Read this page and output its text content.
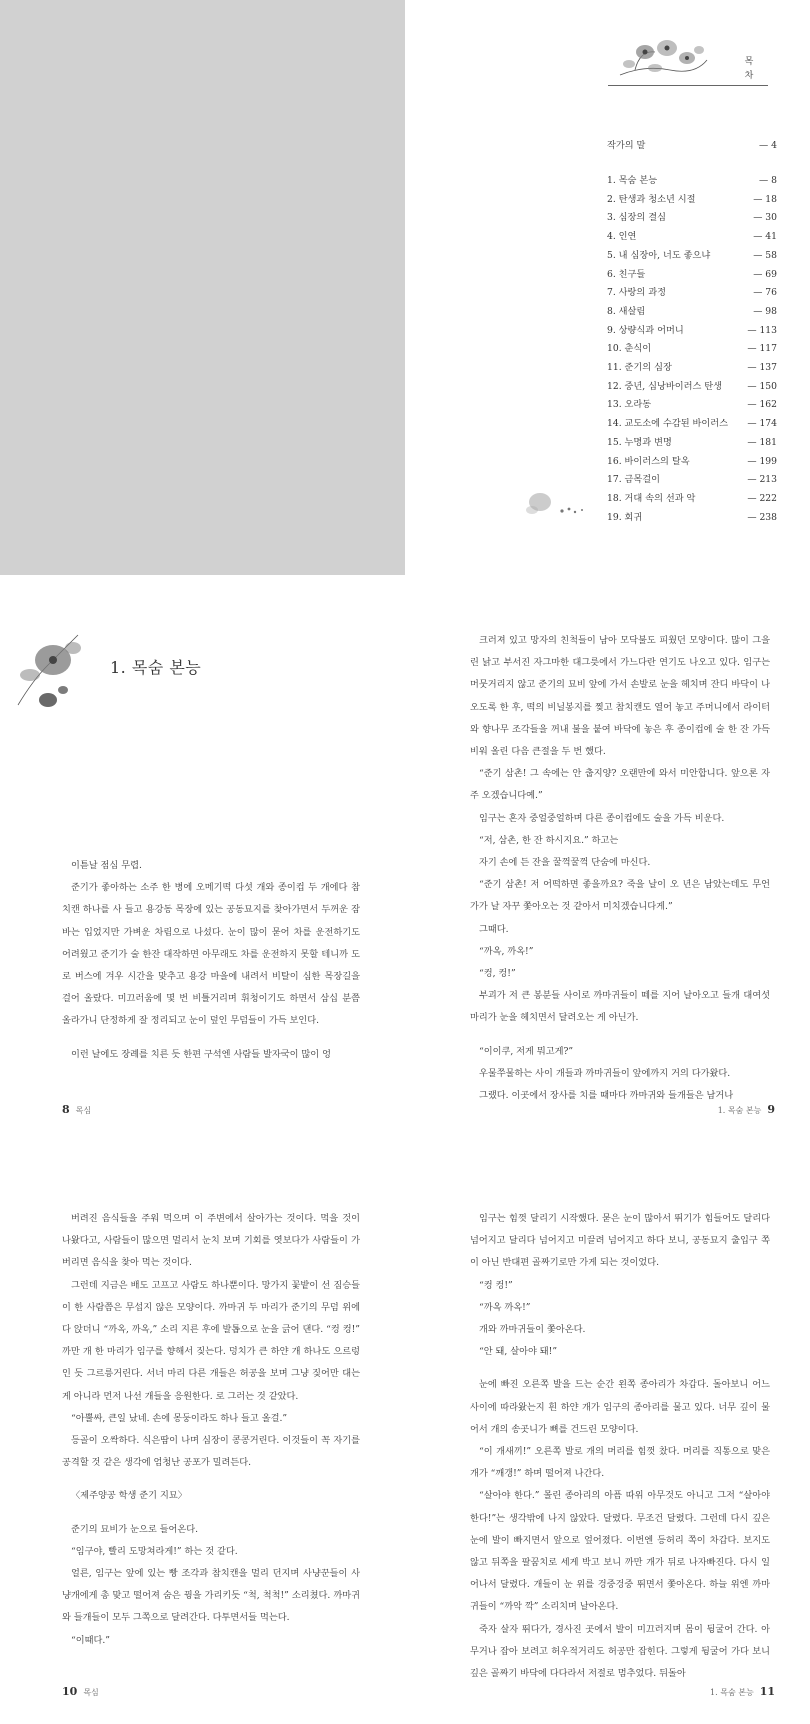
목 차
작가의 말	— 4
1. 목숨 본능	— 8
2. 탄생과 청소년 시절	— 18
3. 심장의 결심	— 30
4. 인연	— 41
5. 내 심장아, 너도 좋으냐	— 58
6. 친구들	— 69
7. 사랑의 과정	— 76
8. 새살림	— 98
9. 상량식과 어머니	— 113
10. 춘식이	— 117
11. 준기의 심장	— 137
12. 중년, 심낭바이러스 탄생	— 150
13. 오라동	— 162
14. 교도소에 수감된 바이러스 — 174
15. 누명과 변명	— 181
16. 바이러스의 탈옥	— 199
17. 금목걸이	— 213
18. 거대 속의 선과 악	— 222
19. 회귀	— 238
1. 목숨 본능

이튿날 점심 무렵.

준기가 좋아하는 소주 한 병에 오메기떡 다섯 개와 종이컵 두 개에다 참치캔 하나를 사 들고 용강동 목장에 있는 공동묘지를 찾아가면서 두꺼운 잠바는 입었지만 가벼운 차림으로 나섰다. 눈이 많이 묻어 차를 운전하기도 어려웠고 준기가 술 한잔 대작하면 아무래도 차를 운전하지 못할 테니까 도로 버스에 겨우 시간을 맞추고 용강 마을에 내려서 비탈이 심한 목장길을 걸어 올랐다. 미끄러움에 몇 번 비틀거리며 휘청이기도 하면서 삼십 분쯤 올라가니 단정하게 잘 정리되고 눈이 덮인 무덤들이 가득 보인다.

이런 날에도 장례를 치른 듯 한편 구석엔 사람들 발자국이 많이 엉

8 목심

크러져 있고 망자의 친척들이 남아 모닥불도 피웠던 모양이다. 많이 그을린 낡고 부서진 자그마한 대그릇에서 가느다란 연기도 나오고 있다. 임구는 머뭇거리지 않고 준기의 묘비 앞에 가서 손발로 눈을 헤치며 잔디 바닥이 나오도록 한 후, 떡의 비닐봉지를 찢고 참치캔도 열어 놓고 주머니에서 라이터와 향나무 조각들을 꺼내 불을 붙여 바닥에 놓은 후 종이컵에 술 한 잔 가득 비워 올린 다음 큰절을 두 번 했다.

“준기 삼촌! 그 속에는 안 춥지양? 오랜만에 와서 미안합니다. 앞으론 자주 오겠습니다예.”

임구는 혼자 중얼중얼하며 다른 종이컵에도 술을 가득 비운다.

“저, 삼촌, 한 잔 하시지요.” 하고는

자기 손에 든 잔을 꿀꺽꿀꺽 단숨에 마신다.

“준기 삼촌! 저 어떡하면 좋을까요? 죽을 날이 오 년은 남았는데도 무언가가 날 자꾸 쫓아오는 것 같아서 미치겠습니다게.”

그때다.

“까옥, 까옥!”

“컹, 컹!”

부괴가 저 큰 봉분들 사이로 까마귀들이 떼를 지어 날아오고 들개 대여섯 마리가 눈을 헤치면서 달려오는 게 아닌가.

“이이쿠, 저게 뭐고게?”

우물쭈물하는 사이 개들과 까마귀들이 앞에까지 거의 다가왔다.

그랬다. 이곳에서 장사를 치를 때마다 까마귀와 들개들은 남거나

1. 목숨 본능 9

버려진 음식들을 주워 먹으며 이 주변에서 살아가는 것이다. 먹을 것이 나왔다고, 사람들이 많으면 멀리서 눈치 보며 기회를 엿보다가 사람들이 가 버리면 음식을 찾아 먹는 것이다.

그런데 지금은 배도 고프고 사람도 하나뿐이다. 망가지 꽃밭이 선 짐승들이 한 사람쯤은 무섭지 않은 모양이다. 까마귀 두 마리가 준기의 무덤 위에다 앉더니 “까옥, 까옥,” 소리 지른 후에 발톱으로 눈을 긁어 댄다. “컹 컹!” 까만 개 한 마리가 임구를 향해서 짖는다. 덩치가 큰 하얀 개 하나도 으르렁인 듯 그르릉거린다. 서너 마리 다른 개들은 허공을 보며 그냥 짖어만 대는 게 아니라 먼저 나선 개들을 응원한다. 로 그러는 것 같았다.

“아뿔싸, 큰일 났네. 손에 몽둥이라도 하나 들고 올걸.”

등골이 오싹하다. 식은땀이 나며 심장이 콩콩거린다. 이것들이 꼭 자기를 공격할 것 같은 생각에 엄청난 공포가 밀려든다.

〈제주양공 학생 준기 지묘〉

준기의 묘비가 눈으로 들어온다.

“임구야, 빨리 도망쳐라게!” 하는 것 같다.

얼른, 임구는 앞에 있는 빵 조각과 참치캔을 멀리 던지며 사냥꾼들이 사냥개에게 총 맞고 떨어져 숨은 꿩을 가리키듯 “척, 척척!” 소리쳤다. 까마귀와 들개들이 모두 그쪽으로 달려간다. 다투면서들 먹는다.

“이때다.”

10 목심

임구는 힘껏 달리기 시작했다. 묻은 눈이 많아서 뛰기가 힘들어도 달리다 넘어지고 달리다 넘어지고 미끌려 넘어지고 하다 보니, 공동묘지 출입구 쪽이 아닌 반대편 골짜기로만 가게 되는 것이었다.

“컹 컹!”

“까옥 까옥!”

개와 까마귀들이 쫓아온다.

“안 돼, 살아야 돼!”

눈에 빠진 오른쪽 발을 드는 순간 왼쪽 종아리가 차갑다. 돌아보니 어느 사이에 따라왔는지 흰 하얀 개가 임구의 종아리를 물고 있다. 너무 깊이 물어서 개의 송곳니가 뼈를 건드린 모양이다.

“이 개새끼!” 오른쪽 발로 개의 머리를 힘껏 찼다. 머리를 직통으로 맞은 개가 “깨갱!” 하며 떨어져 나간다.

“살아야 한다.” 몰린 종아리의 아픔 따위 아무것도 아니고 그저 “살아야 한다!”는 생각밖에 나지 않았다. 달렸다. 무조건 달렸다. 그런데 다시 깊은 눈에 발이 빠지면서 앞으로 엎어졌다. 이번엔 등허리 쪽이 차갑다. 보지도 않고 뒤쪽을 팔꿈치로 세게 박고 보니 까만 개가 뒤로 나자빠진다. 다시 일어나서 달렸다. 개들이 눈 위를 겅중겅중 뛰면서 쫓아온다. 하늘 위엔 까마귀들이 “까악 깍” 소리치며 날아온다.

죽자 살자 뛰다가, 경사진 곳에서 발이 미끄러지며 몸이 뒹굴어 간다. 아무거나 잡아 보려고 허우적거리도 허공만 잡힌다. 그렇게 뒹굴어 가다 보니 깊은 골짜기 바닥에 다다라서 저절로 멈추었다. 뒤돌아

1. 목숨 본능 11
